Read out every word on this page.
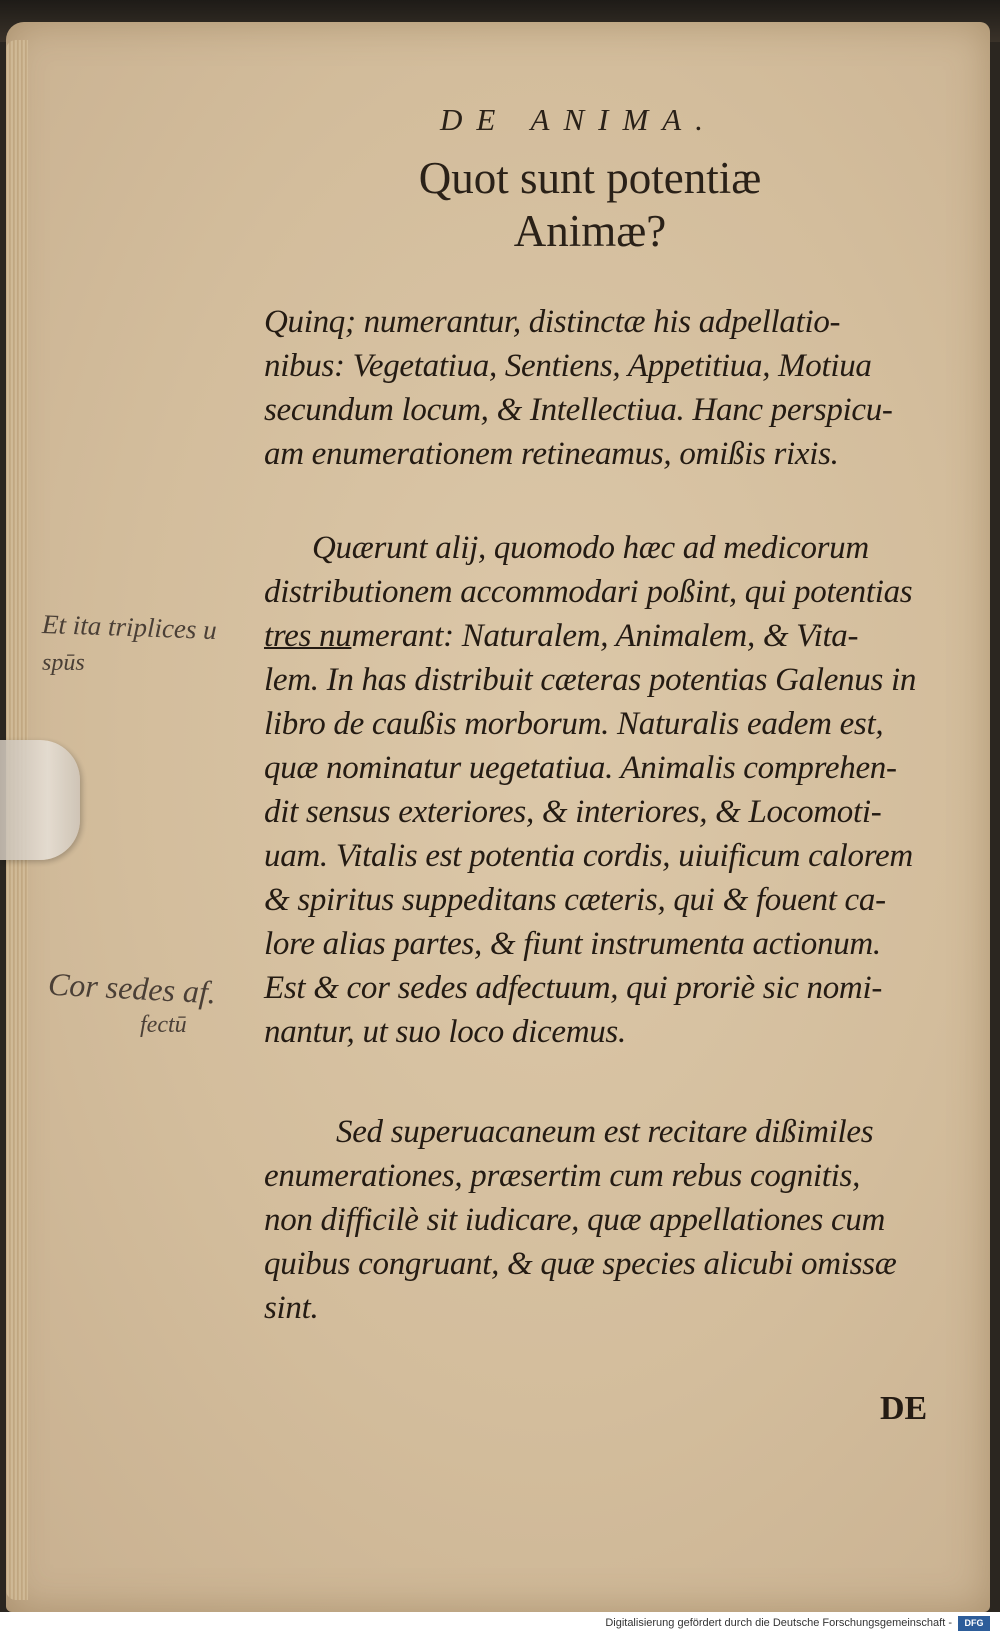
DE ANIMA.
Quot sunt potentiæ
Animæ?
Quinq; numerantur, distinctæ his adpellatio-
nibus: Vegetatiua, Sentiens, Appetitiua, Motiua
secundum locum, & Intellectiua. Hanc perspicu-
am enumerationem retineamus, omißis rixis.
Quærunt alij, quomodo hæc ad medicorum
distributionem accommodari poßint, qui potentias
tres numerant: Naturalem, Animalem, & Vita-
lem. In has distribuit cæteras potentias Galenus in
libro de caußis morborum. Naturalis eadem est,
quæ nominatur uegetatiua. Animalis comprehen-
dit sensus exteriores, & interiores, & Locomoti-
uam. Vitalis est potentia cordis, uiuificum calorem
& spiritus suppeditans cæteris, qui & fouent ca-
lore alias partes, & fiunt instrumenta actionum.
Est & cor sedes adfectuum, qui proriè sic nomi-
nantur, ut suo loco dicemus.
Sed superuacaneum est recitare dißimiles
enumerationes, præsertim cum rebus cognitis,
non difficilè sit iudicare, quæ appellationes cum
quibus congruant, & quæ species alicubi omissæ
sint.
Et ita triplices u
spūs
Cor sedes af.
fectū
DE
Digitalisierung gefördert durch die Deutsche Forschungsgemeinschaft -	DFG
